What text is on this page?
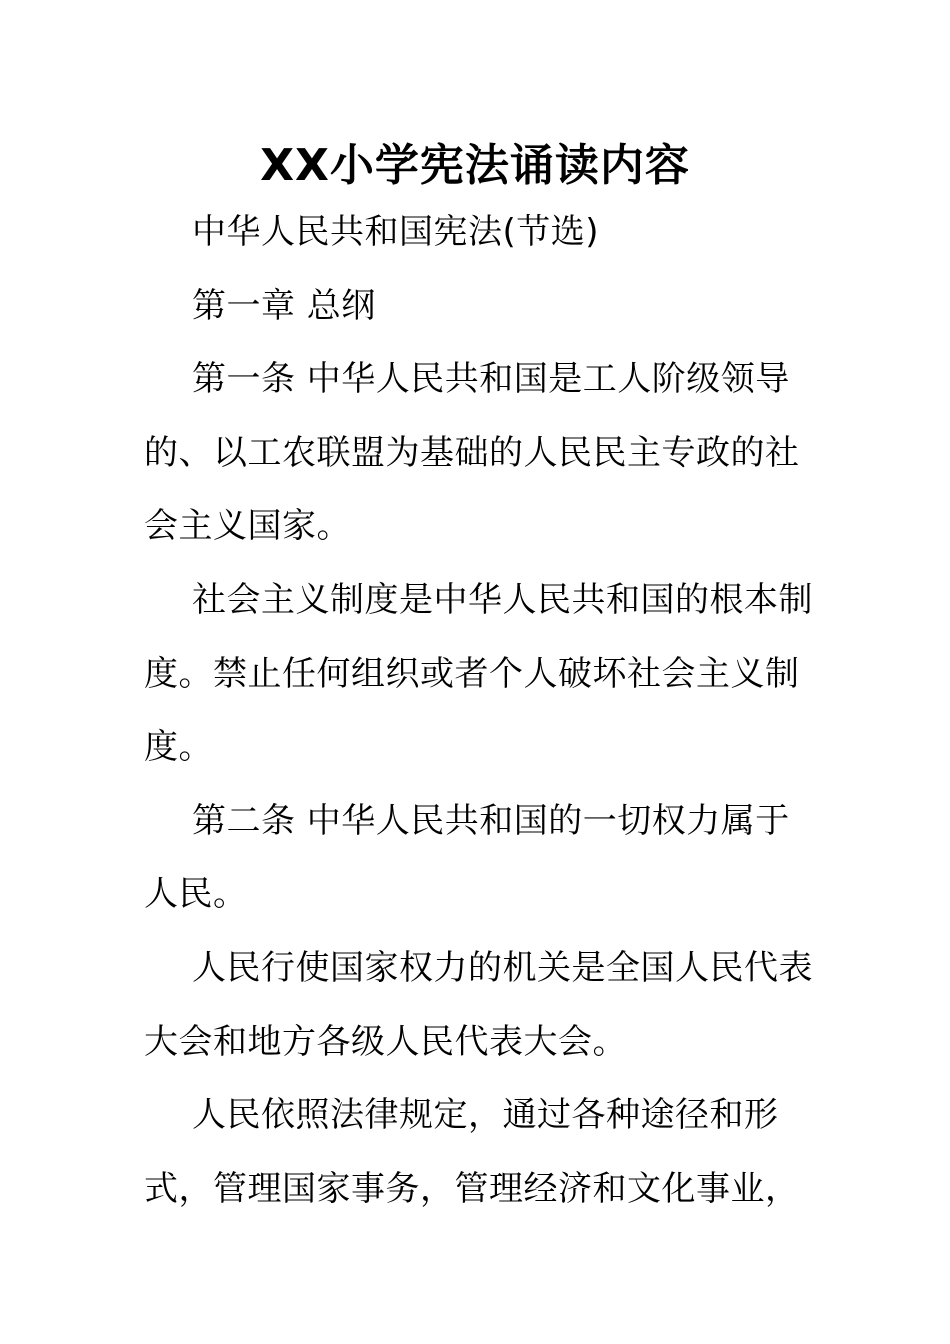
XX小学宪法诵读内容

中华人民共和国宪法(节选)

第一章 总纲

第一条 中华人民共和国是工人阶级领导的、以工农联盟为基础的人民民主专政的社会主义国家。

社会主义制度是中华人民共和国的根本制度。禁止任何组织或者个人破坏社会主义制度。

第二条 中华人民共和国的一切权力属于人民。

人民行使国家权力的机关是全国人民代表大会和地方各级人民代表大会。

人民依照法律规定，通过各种途径和形式，管理国家事务，管理经济和文化事业，
